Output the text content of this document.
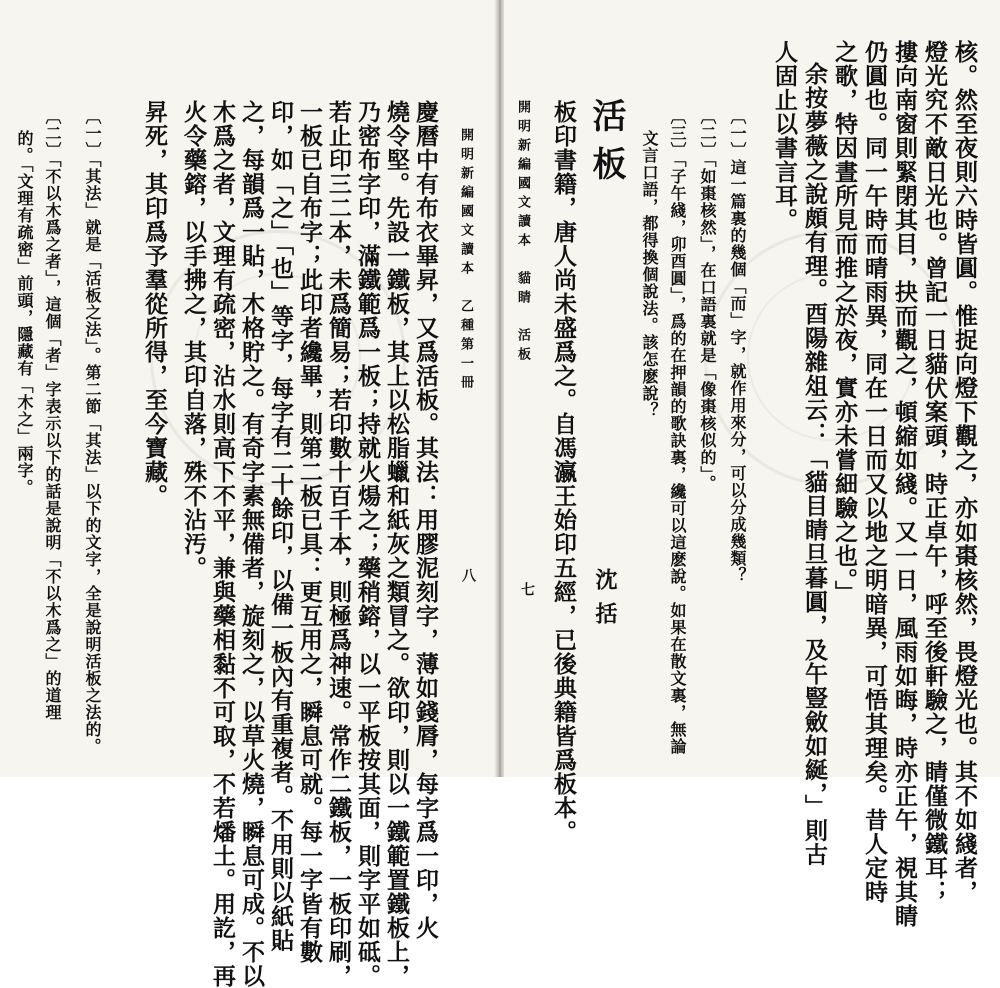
開明新編國文讀本　乙種第一冊
八
慶曆中有布衣畢昇，又爲活板。其法：用膠泥刻字，薄如錢脣，每字爲一印，火
燒令堅。先設一鐵板，其上以松脂蠟和紙灰之類冒之。欲印，則以一鐵範置鐵板上，
乃密布字印，滿鐵範爲一板；持就火煬之；藥稍鎔，以一平板按其面，則字平如砥。
若止印三二本，未爲簡易；若印數十百千本，則極爲神速。常作二鐵板，一板印刷，
一板已自布字；此印者纔畢，則第二板已具：更互用之，瞬息可就。每一字皆有數
印，如「之」「也」等字，每字有二十餘印，以備一板內有重複者。不用則以紙貼
之，每韻爲一貼，木格貯之。有奇字素無備者，旋刻之，以草火燒，瞬息可成。不以
木爲之者，文理有疏密，沾水則高下不平，兼與藥相黏不可取，不若燔土。用訖，再
火令藥鎔，以手拂之，其印自落，殊不沾汚。
昇死，其印爲予羣從所得，至今寶藏。
〔一〕「其法」就是「活板之法」。第二節「其法」以下的文字，全是說明活板之法的。
〔二〕「不以木爲之者」，這個「者」字表示以下的話是說明「不以木爲之」的道理
的。「文理有疏密」前頭，隱藏有「木之」兩字。	核。然至夜則六時皆圓。惟捉向燈下觀之，亦如棗核然，畏燈光也。其不如綫者，
燈光究不敵日光也。曾記一日貓伏案頭，時正卓午，呼至後軒驗之，睛僅微鐵耳；
摟向南窗則緊閉其目，抉而觀之，頓縮如綫。又一日，風雨如晦，時亦正午，視其睛
仍圓也。同一午時而晴雨異，同在一日而又以地之明暗異，可悟其理矣。昔人定時
之歌，特因晝所見而推之於夜，實亦未嘗細驗之也。」
余按夢薇之說頗有理。酉陽雜俎云：「貓目睛旦暮圓，及午豎斂如綖，」則古
人固止以書言耳。
〔一〕這一篇裏的幾個「而」字，就作用來分，可以分成幾類？
〔二〕「如棗核然」，在口語裏就是「像棗核似的」。
〔三〕「子午綫，卯酉圓」，爲的在押韻的歌訣裏，纔可以這麽說。如果在散文裏，無論
文言口語，都得換個說法。該怎麽說？
活板
沈括
開明新編國文讀本　貓睛　活板
七 板印書籍，唐人尚未盛爲之。自馮瀛王始印五經，已後典籍皆爲板本。
